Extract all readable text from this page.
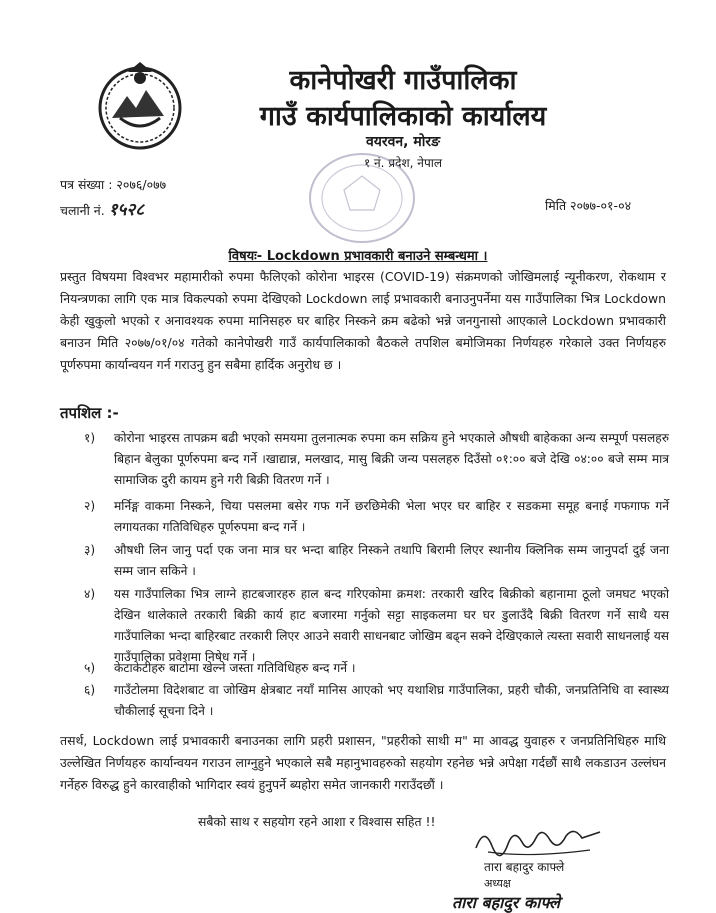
कानेपोखरी गाउँपालिका
गाउँ कार्यपालिकाको कार्यालय
वयरवन, मोरङ
१ नं. प्रदेश, नेपाल
पत्र संख्या : २०७६/०७७
चलानी नं. १५२८	मिति २०७७-०१-०४
विषयः- Lockdown प्रभावकारी बनाउने सम्बन्धमा ।
प्रस्तुत विषयमा विश्वभर महामारीको रुपमा फैलिएको कोरोना भाइरस (COVID-19) संक्रमणको जोखिमलाई न्यूनीकरण, रोकथाम र नियन्त्रणका लागि एक मात्र विकल्पको रुपमा देखिएको Lockdown लाई प्रभावकारी बनाउनुपर्नेमा यस गाउँपालिका भित्र Lockdown केही खुकुलो भएको र अनावश्यक रुपमा मानिसहरु घर बाहिर निस्कने क्रम बढेको भन्ने जनगुनासो आएकाले Lockdown प्रभावकारी बनाउन मिति २०७७/०१/०४ गतेको कानेपोखरी गाउँ कार्यपालिकाको बैठकले तपशिल बमोजिमका निर्णयहरु गरेकाले उक्त निर्णयहरु पूर्णरुपमा कार्यान्वयन गर्न गराउनु हुन सबैमा हार्दिक अनुरोध छ ।
तपशिल :-
१)	कोरोना भाइरस तापक्रम बढी भएको समयमा तुलनात्मक रुपमा कम सक्रिय हुने भएकाले औषधी बाहेकका अन्य सम्पूर्ण पसलहरु बिहान बेलुका पूर्णरुपमा बन्द गर्ने ।खाद्यान्न, मलखाद, मासु बिक्री जन्य पसलहरु दिउँसो ०१:०० बजे देखि ०४:०० बजे सम्म मात्र सामाजिक दुरी कायम हुने गरी बिक्री वितरण गर्ने ।
२)	मर्निङ्ग वाकमा निस्कने, चिया पसलमा बसेर गफ गर्ने छरछिमेकी भेला भएर घर बाहिर र सडकमा समूह बनाई गफगाफ गर्ने लगायतका गतिविधिहरु पूर्णरुपमा बन्द गर्ने ।
३)	औषधी लिन जानु पर्दा एक जना मात्र घर भन्दा बाहिर निस्कने तथापि बिरामी लिएर स्थानीय क्लिनिक सम्म जानुपर्दा दुई जना सम्म जान सकिने ।
४)	यस गाउँपालिका भित्र लाग्ने हाटबजारहरु हाल बन्द गरिएकोमा क्रमश: तरकारी खरिद बिक्रीको बहानामा ठूलो जमघट भएको देखिन थालेकाले तरकारी बिक्री कार्य हाट बजारमा गर्नुको सट्टा साइकलमा घर घर डुलाउँदै बिक्री वितरण गर्ने साथै यस गाउँपालिका भन्दा बाहिरबाट तरकारी लिएर आउने सवारी साधनबाट जोखिम बढ्न सक्ने देखिएकाले त्यस्ता सवारी साधनलाई यस गाउँपालिका प्रवेशमा निषेध गर्ने ।
५)	केटाकेटीहरु बाटोमा खेल्ने जस्ता गतिविधिहरु बन्द गर्ने ।
६)	गाउँटोलमा विदेशबाट वा जोखिम क्षेत्रबाट नयाँ मानिस आएको भए यथाशिघ्र गाउँपालिका, प्रहरी चौकी, जनप्रतिनिधि वा स्वास्थ्य चौकीलाई सूचना दिने ।
तसर्थ, Lockdown लाई प्रभावकारी बनाउनका लागि प्रहरी प्रशासन, "प्रहरीको साथी म" मा आवद्ध युवाहरु र जनप्रतिनिधिहरु माथि उल्लेखित निर्णयहरु कार्यान्वयन गराउन लाग्नुहुने भएकाले सबै महानुभावहरुको सहयोग रहनेछ भन्ने अपेक्षा गर्दछौं साथै लकडाउन उल्लंघन गर्नेहरु विरुद्ध हुने कारवाहीको भागिदार स्वयं हुनुपर्ने ब्यहोरा समेत जानकारी गराउँदछौं ।
सबैको साथ र सहयोग रहने आशा र विश्वास सहित !!
तारा बहादुर काफ्ले
अध्यक्ष
तारा बहादुर काफ्ले
